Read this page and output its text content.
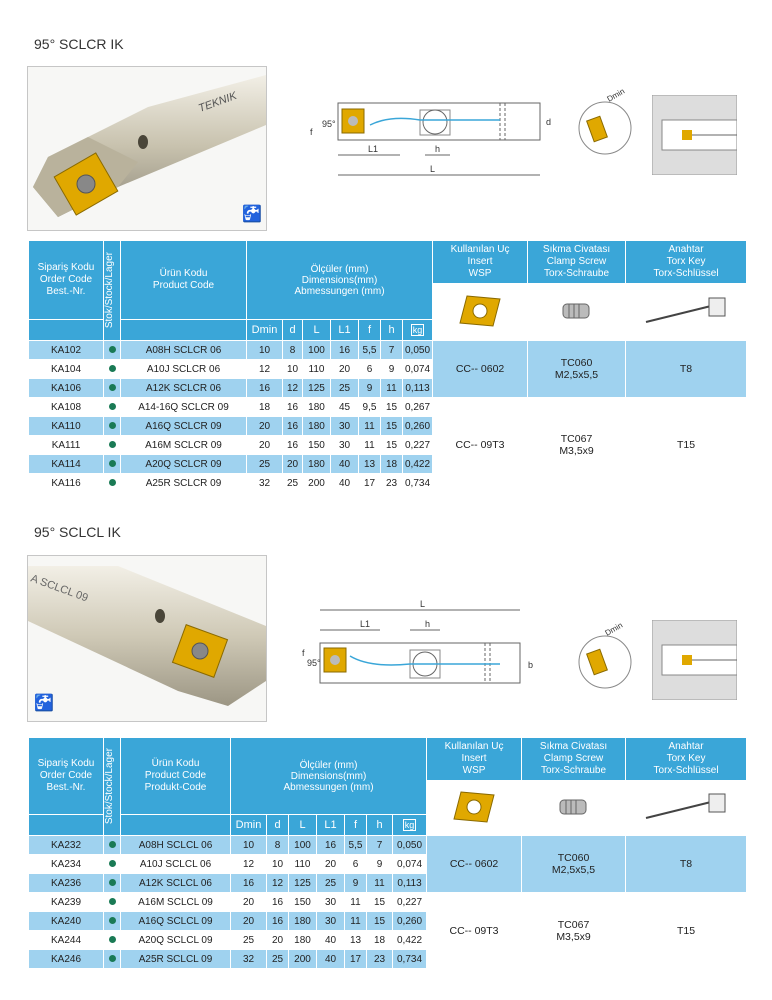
95° SCLCR IK
TEKNIK
🚰
95°
f
d
L1	h
L
Dmin
Sipariş Kodu
Order Code
Best.-Nr.	Stok/Stock/Lager	Ürün Kodu
Product Code	Ölçüler (mm)
Dimensions(mm)
Abmessungen (mm)							Kullanılan Uç
Insert
WSP	Sıkma Civatası
Clamp Screw
Torx-Schraube	Anahtar
Torx Key
Torx-Schlüssel

			Dmin	d	L	L1	f	h	kg			
KA102		A08H SCLCR 06	10	8	100	16	5,5	7	0,050	CC-- 0602	TC060
M2,5x5,5	T8
KA104		A10J SCLCR 06	12	10	110	20	6	9	0,074			
KA106		A12K SCLCR 06	16	12	125	25	9	11	0,113			
KA108		A14-16Q SCLCR 09	18	16	180	45	9,5	15	0,267	CC-- 09T3	TC067
M3,5x9	T15
KA110		A16Q SCLCR 09	20	16	180	30	11	15	0,260			
KA111		A16M SCLCR 09	20	16	150	30	11	15	0,227			
KA114		A20Q SCLCR 09	25	20	180	40	13	18	0,422			
KA116		A25R SCLCR 09	32	25	200	40	17	23	0,734			
95° SCLCL IK
A SCLCL 09
🚰
L
L1	h
f
95°	b
Dmin
Sipariş Kodu
Order Code
Best.-Nr.	Stok/Stock/Lager	Ürün Kodu
Product Code
Produkt-Code	Ölçüler (mm)
Dimensions(mm)
Abmessungen (mm)							Kullanılan Uç
Insert
WSP	Sıkma Civatası
Clamp Screw
Torx-Schraube	Anahtar
Torx Key
Torx-Schlüssel

			Dmin	d	L	L1	f	h	kg			
KA232		A08H SCLCL 06	10	8	100	16	5,5	7	0,050	CC-- 0602	TC060
M2,5x5,5	T8
KA234		A10J SCLCL 06	12	10	110	20	6	9	0,074			
KA236		A12K SCLCL 06	16	12	125	25	9	11	0,113			
KA239		A16M SCLCL 09	20	16	150	30	11	15	0,227	CC-- 09T3	TC067
M3,5x9	T15
KA240		A16Q SCLCL 09	20	16	180	30	11	15	0,260			
KA244		A20Q SCLCL 09	25	20	180	40	13	18	0,422			
KA246		A25R SCLCL 09	32	25	200	40	17	23	0,734			
